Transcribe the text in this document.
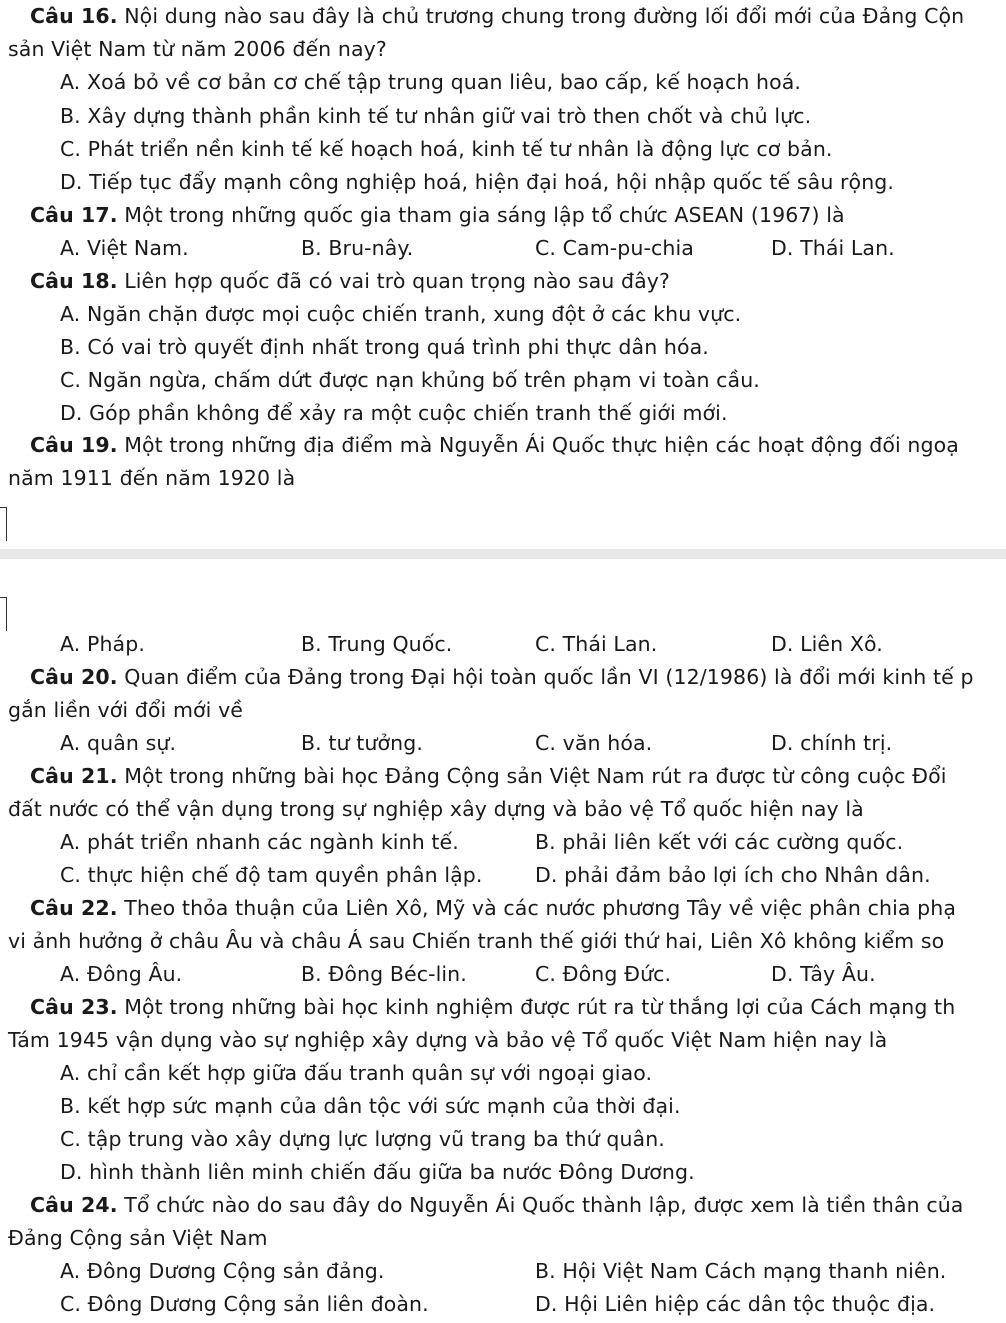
Câu 16. Nội dung nào sau đây là chủ trương chung trong đường lối đổi mới của Đảng Cộn
sản Việt Nam từ năm 2006 đến nay?
A. Xoá bỏ về cơ bản cơ chế tập trung quan liêu, bao cấp, kế hoạch hoá.
B. Xây dựng thành phần kinh tế tư nhân giữ vai trò then chốt và chủ lực.
C. Phát triển nền kinh tế kế hoạch hoá, kinh tế tư nhân là động lực cơ bản.
D. Tiếp tục đẩy mạnh công nghiệp hoá, hiện đại hoá, hội nhập quốc tế sâu rộng.
Câu 17. Một trong những quốc gia tham gia sáng lập tổ chức ASEAN (1967) là
A. Việt Nam.	B. Bru-nây.	C. Cam-pu-chia	D. Thái Lan.
Câu 18. Liên hợp quốc đã có vai trò quan trọng nào sau đây?
A. Ngăn chặn được mọi cuộc chiến tranh, xung đột ở các khu vực.
B. Có vai trò quyết định nhất trong quá trình phi thực dân hóa.
C. Ngăn ngừa, chấm dứt được nạn khủng bố trên phạm vi toàn cầu.
D. Góp phần không để xảy ra một cuộc chiến tranh thế giới mới.
Câu 19. Một trong những địa điểm mà Nguyễn Ái Quốc thực hiện các hoạt động đối ngoạ
năm 1911 đến năm 1920 là
A. Pháp.	B. Trung Quốc.	C. Thái Lan.	D. Liên Xô.
Câu 20. Quan điểm của Đảng trong Đại hội toàn quốc lần VI (12/1986) là đổi mới kinh tế p
gắn liền với đổi mới về
A. quân sự.	B. tư tưởng.	C. văn hóa.	D. chính trị.
Câu 21. Một trong những bài học Đảng Cộng sản Việt Nam rút ra được từ công cuộc Đổi
đất nước có thể vận dụng trong sự nghiệp xây dựng và bảo vệ Tổ quốc hiện nay là
A. phát triển nhanh các ngành kinh tế.	B. phải liên kết với các cường quốc.
C. thực hiện chế độ tam quyền phân lập.	D. phải đảm bảo lợi ích cho Nhân dân.
Câu 22. Theo thỏa thuận của Liên Xô, Mỹ và các nước phương Tây về việc phân chia phạ
vi ảnh hưởng ở châu Âu và châu Á sau Chiến tranh thế giới thứ hai, Liên Xô không kiểm so
A. Đông Âu.	B. Đông Béc-lin.	C. Đông Đức.	D. Tây Âu.
Câu 23. Một trong những bài học kinh nghiệm được rút ra từ thắng lợi của Cách mạng th
Tám 1945 vận dụng vào sự nghiệp xây dựng và bảo vệ Tổ quốc Việt Nam hiện nay là
A. chỉ cần kết hợp giữa đấu tranh quân sự với ngoại giao.
B. kết hợp sức mạnh của dân tộc với sức mạnh của thời đại.
C. tập trung vào xây dựng lực lượng vũ trang ba thứ quân.
D. hình thành liên minh chiến đấu giữa ba nước Đông Dương.
Câu 24. Tổ chức nào do sau đây do Nguyễn Ái Quốc thành lập, được xem là tiền thân của
Đảng Cộng sản Việt Nam
A. Đông Dương Cộng sản đảng.	B. Hội Việt Nam Cách mạng thanh niên.
C. Đông Dương Cộng sản liên đoàn.	D. Hội Liên hiệp các dân tộc thuộc địa.
